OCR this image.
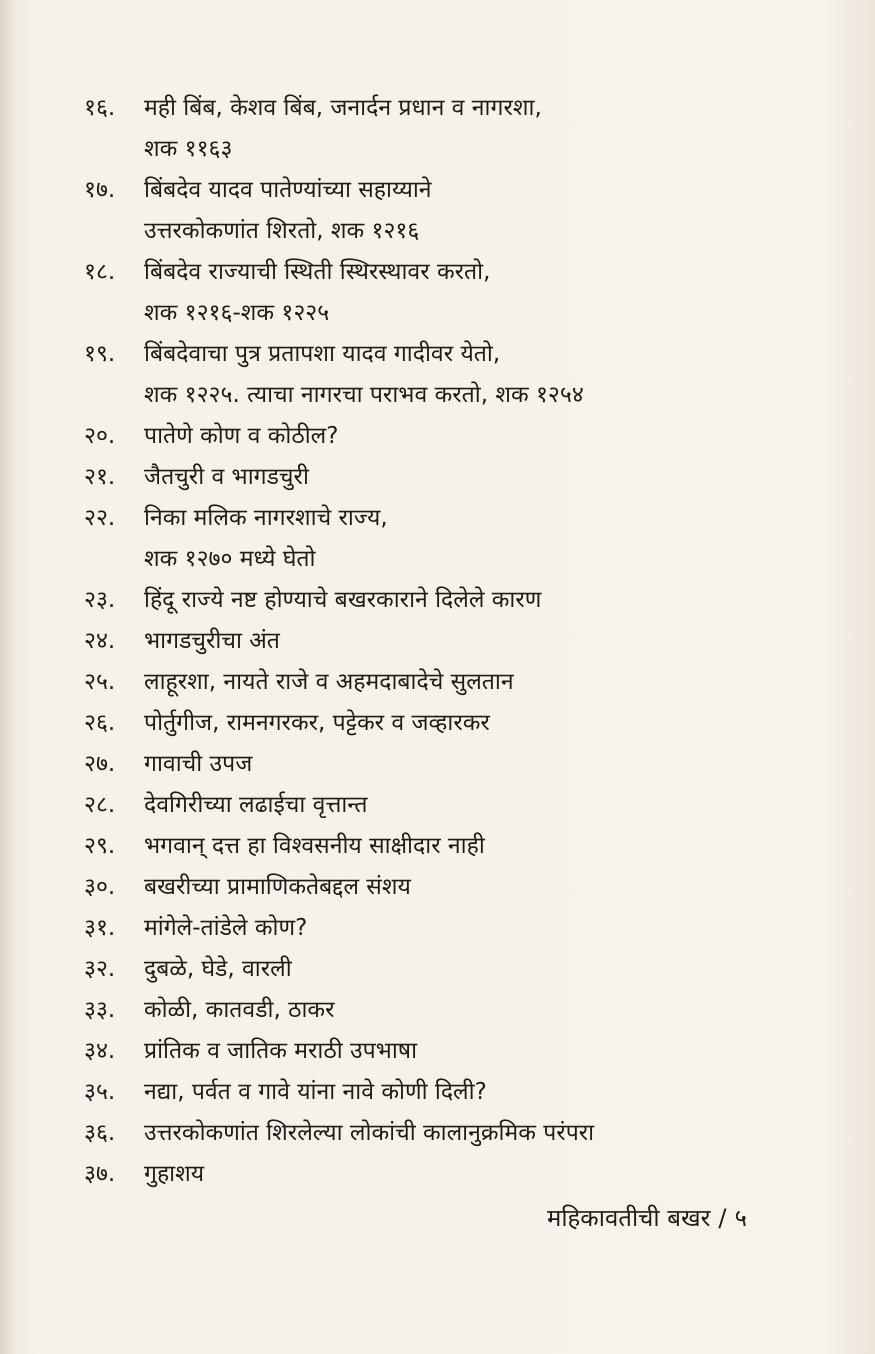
१६.	मही बिंब, केशव बिंब, जनार्दन प्रधान व नागरशा,
शक ११६३
१७.	बिंबदेव यादव पातेण्यांच्या सहाय्याने
उत्तरकोकणांत शिरतो, शक १२१६
१८.	बिंबदेव राज्याची स्थिती स्थिरस्थावर करतो,
शक १२१६-शक १२२५
१९.	बिंबदेवाचा पुत्र प्रतापशा यादव गादीवर येतो,
शक १२२५. त्याचा नागरचा पराभव करतो, शक १२५४
२०.	पातेणे कोण व कोठील?
२१.	जैतचुरी व भागडचुरी
२२.	निका मलिक नागरशाचे राज्य,
शक १२७० मध्ये घेतो
२३.	हिंदू राज्ये नष्ट होण्याचे बखरकाराने दिलेले कारण
२४.	भागडचुरीचा अंत
२५.	लाहूरशा, नायते राजे व अहमदाबादेचे सुलतान
२६.	पोर्तुगीज, रामनगरकर, पट्टेकर व जव्हारकर
२७.	गावाची उपज
२८.	देवगिरीच्या लढाईचा वृत्तान्त
२९.	भगवान् दत्त हा विश्वसनीय साक्षीदार नाही
३०.	बखरीच्या प्रामाणिकतेबद्दल संशय
३१.	मांगेले-तांडेले कोण?
३२.	दुबळे, घेडे, वारली
३३.	कोळी, कातवडी, ठाकर
३४.	प्रांतिक व जातिक मराठी उपभाषा
३५.	नद्या, पर्वत व गावे यांना नावे कोणी दिली?
३६.	उत्तरकोकणांत शिरलेल्या लोकांची कालानुक्रमिक परंपरा
३७.	गुहाशय
महिकावतीची बखर / ५
